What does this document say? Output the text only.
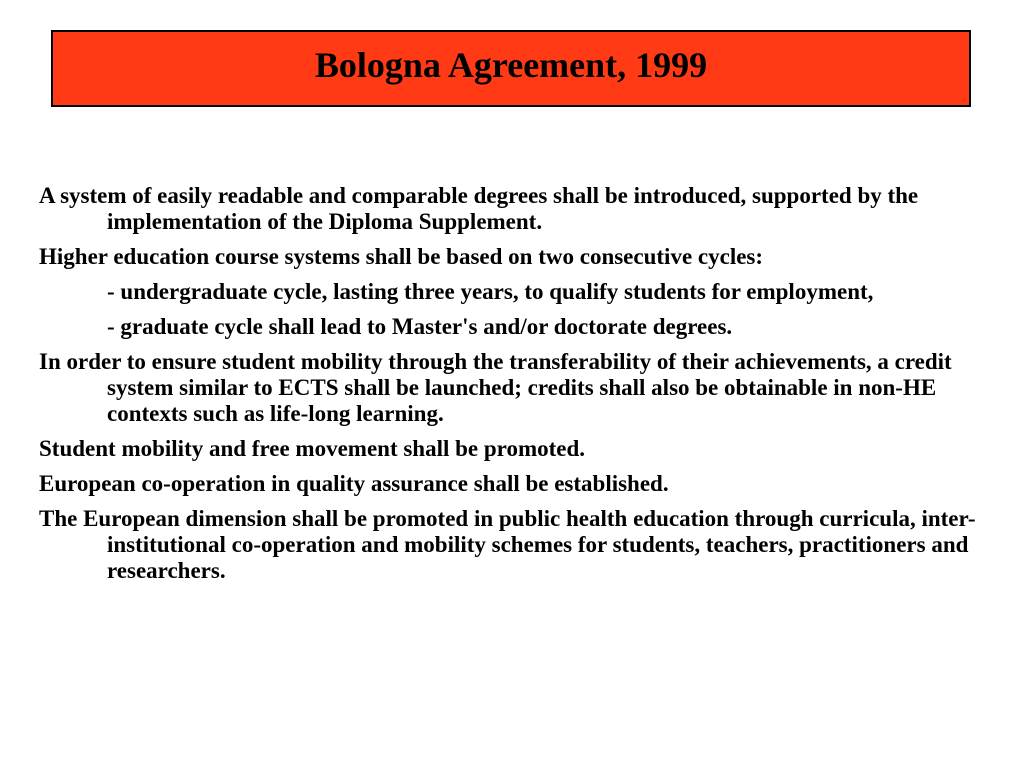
Bologna Agreement, 1999

A system of easily readable and comparable degrees shall be introduced, supported by the implementation of the Diploma Supplement.

Higher education course systems shall be based on two consecutive cycles:

- undergraduate cycle, lasting three years, to qualify students for employment,

- graduate cycle shall lead to Master's and/or doctorate degrees.

In order to ensure student mobility through the transferability of their achievements, a credit system similar to ECTS shall be launched; credits shall also be obtainable in non-HE contexts such as life-long learning.

Student mobility and free movement shall be promoted.

European co-operation in quality assurance shall be established.

The European dimension shall be promoted in public health education through curricula, inter-institutional co-operation and mobility schemes for students, teachers, practitioners and researchers.
